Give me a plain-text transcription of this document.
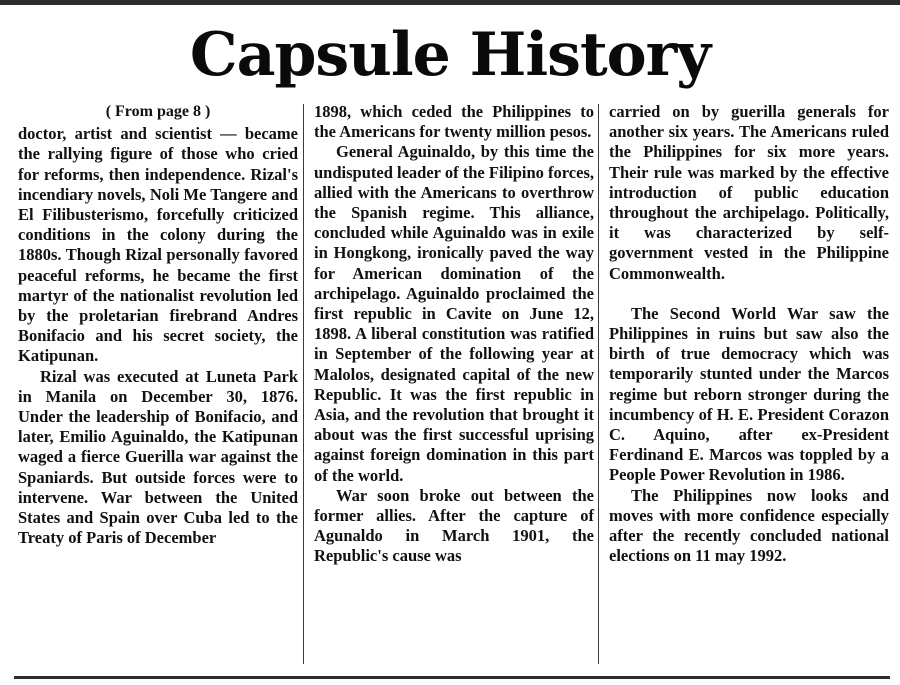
Capsule History
( From page 8 )

doctor, artist and scientist — became the rallying figure of those who cried for reforms, then independence. Rizal's incendiary novels, Noli Me Tangere and El Filibusterismo, forcefully criticized conditions in the colony during the 1880s. Though Rizal personally favored peaceful reforms, he became the first martyr of the nationalist revolution led by the proletarian firebrand Andres Bonifacio and his secret society, the Katipunan.

Rizal was executed at Luneta Park in Manila on December 30, 1876. Under the leadership of Bonifacio, and later, Emilio Aguinaldo, the Katipunan waged a fierce Guerilla war against the Spaniards. But outside forces were to intervene. War between the United States and Spain over Cuba led to the Treaty of Paris of December

1898, which ceded the Philippines to the Americans for twenty million pesos.

General Aguinaldo, by this time the undisputed leader of the Filipino forces, allied with the Americans to overthrow the Spanish regime. This alliance, concluded while Aguinaldo was in exile in Hongkong, ironically paved the way for American domination of the archipelago. Aguinaldo proclaimed the first republic in Cavite on June 12, 1898. A liberal constitution was ratified in September of the following year at Malolos, designated capital of the new Republic. It was the first republic in Asia, and the revolution that brought it about was the first successful uprising against foreign domination in this part of the world.

War soon broke out between the former allies. After the capture of Agunaldo in March 1901, the Republic's cause was

carried on by guerilla generals for another six years. The Americans ruled the Philippines for six more years. Their rule was marked by the effective introduction of public education throughout the archipelago. Politically, it was characterized by self-government vested in the Philippine Commonwealth.

The Second World War saw the Philippines in ruins but saw also the birth of true democracy which was temporarily stunted under the Marcos regime but reborn stronger during the incumbency of H. E. President Corazon C. Aquino, after ex-President Ferdinand E. Marcos was toppled by a People Power Revolution in 1986.

The Philippines now looks and moves with more confidence especially after the recently concluded national elections on 11 may 1992.
